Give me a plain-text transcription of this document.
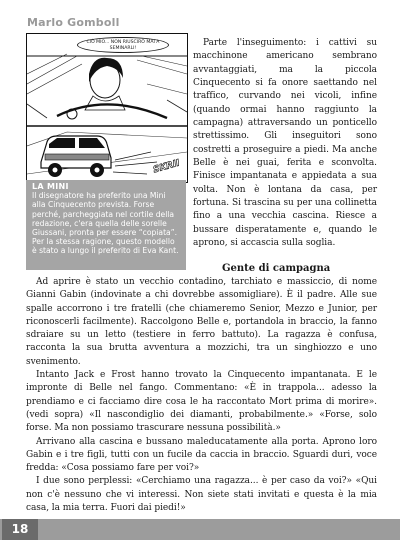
Marlo Gomboll
CIÒ MIO... NON RIUSCIRÒ MAI A SEMINARLI!
SKRII
LA MINI
Il disegnatore ha preferito una Mini alla Cinquecento prevista. Forse perché, parcheggiata nel cortile della redazione, c'era quella delle sorelle Giussani, pronta per essere “copiata”. Per la stessa ragione, questo modello è stato a lungo il preferito di Eva Kant.

Parte l'inseguimento: i cattivi su macchinone americano sembrano avvantaggiati, ma la piccola Cinquecento si fa onore saettando nel traffico, curvando nei vicoli, infine (quando ormai hanno raggiunto la campagna) attraversando un ponticello strettissimo. Gli inseguitori sono costretti a proseguire a piedi. Ma anche Belle è nei guai, ferita e sconvolta. Finisce impantanata e appiedata a sua volta. Non è lontana da casa, per fortuna. Si trascina su per una collinetta fino a una vecchia cascina. Riesce a bussare disperatamente e, quando le aprono, si accascia sulla soglia.

Gente di campagna

Ad aprire è stato un vecchio contadino, tarchiato e massiccio, di nome Gianni Gabin (indovinate a chi dovrebbe assomigliare). È il padre. Alle sue spalle accorrono i tre fratelli (che chiameremo Senior, Mezzo e Junior, per riconoscerli facilmente). Raccolgono Belle e, portandola in braccio, la fanno sdraiare su un letto (testiere in ferro battuto). La ragazza è confusa, racconta la sua brutta avventura a mozzichi, tra un singhiozzo e uno svenimento.

Intanto Jack e Frost hanno trovato la Cinquecento impantanata. E le impronte di Belle nel fango. Commentano: «È in trappola... adesso la prendiamo e ci facciamo dire cosa le ha raccontato Mort prima di morire». (vedi sopra) «Il nascondiglio dei diamanti, probabilmente.» «Forse, solo forse. Ma non possiamo trascurare nessuna possibilità.»

Arrivano alla cascina e bussano maleducatamente alla porta. Aprono loro Gabin e i tre figli, tutti con un fucile da caccia in braccio. Sguardi duri, voce fredda: «Cosa possiamo fare per voi?»

I due sono perplessi: «Cerchiamo una ragazza... è per caso da voi?» «Qui non c'è nessuno che vi interessi. Non siete stati invitati e questa è la mia casa, la mia terra. Fuori dai piedi!»

18
